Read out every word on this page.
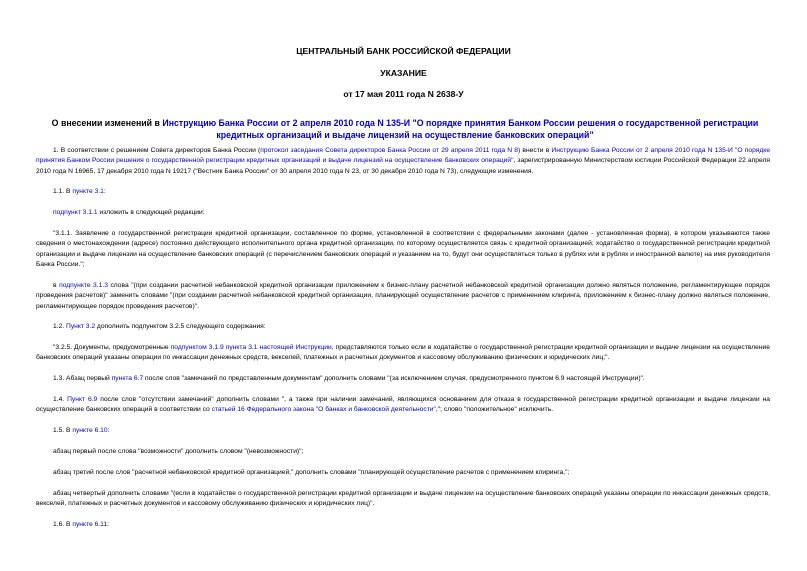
ЦЕНТРАЛЬНЫЙ БАНК РОССИЙСКОЙ ФЕДЕРАЦИИ
УКАЗАНИЕ
от 17 мая 2011 года N 2638-У
О внесении изменений в Инструкцию Банка России от 2 апреля 2010 года N 135-И "О порядке принятия Банком России решения о государственной регистрации кредитных организаций и выдаче лицензий на осуществление банковских операций"

1. В соответствии с решением Совета директоров Банка России (протокол заседания Совета директоров Банка России от 29 апреля 2011 года N 8) внести в Инструкцию Банка России от 2 апреля 2010 года N 135-И "О порядке принятия Банком России решения о государственной регистрации кредитных организаций и выдаче лицензий на осуществление банковских операций", зарегистрированную Министерством юстиции Российской Федерации 22 апреля 2010 года N 16965, 17 декабря 2010 года N 19217 ("Вестник Банка России" от 30 апреля 2010 года N 23, от 30 декабря 2010 года N 73), следующие изменения.

1.1. В пункте 3.1:

подпункт 3.1.1 изложить в следующей редакции:

"3.1.1. Заявление о государственной регистрации кредитной организации, составленное по форме, установленной в соответствии с федеральными законами (далее - установленная форма), в котором указываются также сведения о местонахождении (адресе) постоянно действующего исполнительного органа кредитной организации, по которому осуществляется связь с кредитной организацией; ходатайство о государственной регистрации кредитной организации и выдаче лицензии на осуществление банковских операций (с перечислением банковских операций и указанием на то, будут они осуществляться только в рублях или в рублях и иностранной валюте) на имя руководителя Банка России.";

в подпункте 3.1.3 слова "(при создании расчетной небанковской кредитной организации приложением к бизнес-плану расчетной небанковской кредитной организации должно являться положение, регламентирующее порядок проведения расчетов)" заменить словами "(при создании расчетной небанковской кредитной организации, планирующей осуществление расчетов с применением клиринга, приложением к бизнес-плану должно являться положение, регламентирующее порядок проведения расчетов)".

1.2. Пункт 3.2 дополнить подпунктом 3.2.5 следующего содержания:

"3.2.5. Документы, предусмотренные подпунктом 3.1.9 пункта 3.1 настоящей Инструкции, представляются только если в ходатайстве о государственной регистрации кредитной организации и выдаче лицензии на осуществление банковских операций указаны операции по инкассации денежных средств, векселей, платежных и расчетных документов и кассовому обслуживанию физических и юридических лиц;".

1.3. Абзац первый пункта 6.7 после слов "замечаний по представленным документам" дополнить словами "(за исключением случая, предусмотренного пунктом 6.9 настоящей Инструкции)".

1.4. Пункт 6.9 после слов "отсутствии замечаний" дополнить словами ", а также при наличии замечаний, являющихся основанием для отказа в государственной регистрации кредитной организации и выдаче лицензии на осуществление банковских операций в соответствии со статьей 16 Федерального закона "О банках и банковской деятельности","; слово "положительное" исключить.

1.5. В пункте 6.10:

абзац первый после слова "возможности" дополнить словом "(невозможности)";

абзац третий после слов "расчетной небанковской кредитной организацией," дополнить словами "планирующей осуществление расчетов с применением клиринга,";

абзац четвертый дополнить словами "(если в ходатайстве о государственной регистрации кредитной организации и выдаче лицензии на осуществление банковских операций указаны операции по инкассации денежных средств, векселей, платежных и расчетных документов и кассовому обслуживанию физических и юридических лиц)".

1.6. В пункте 6.11:
